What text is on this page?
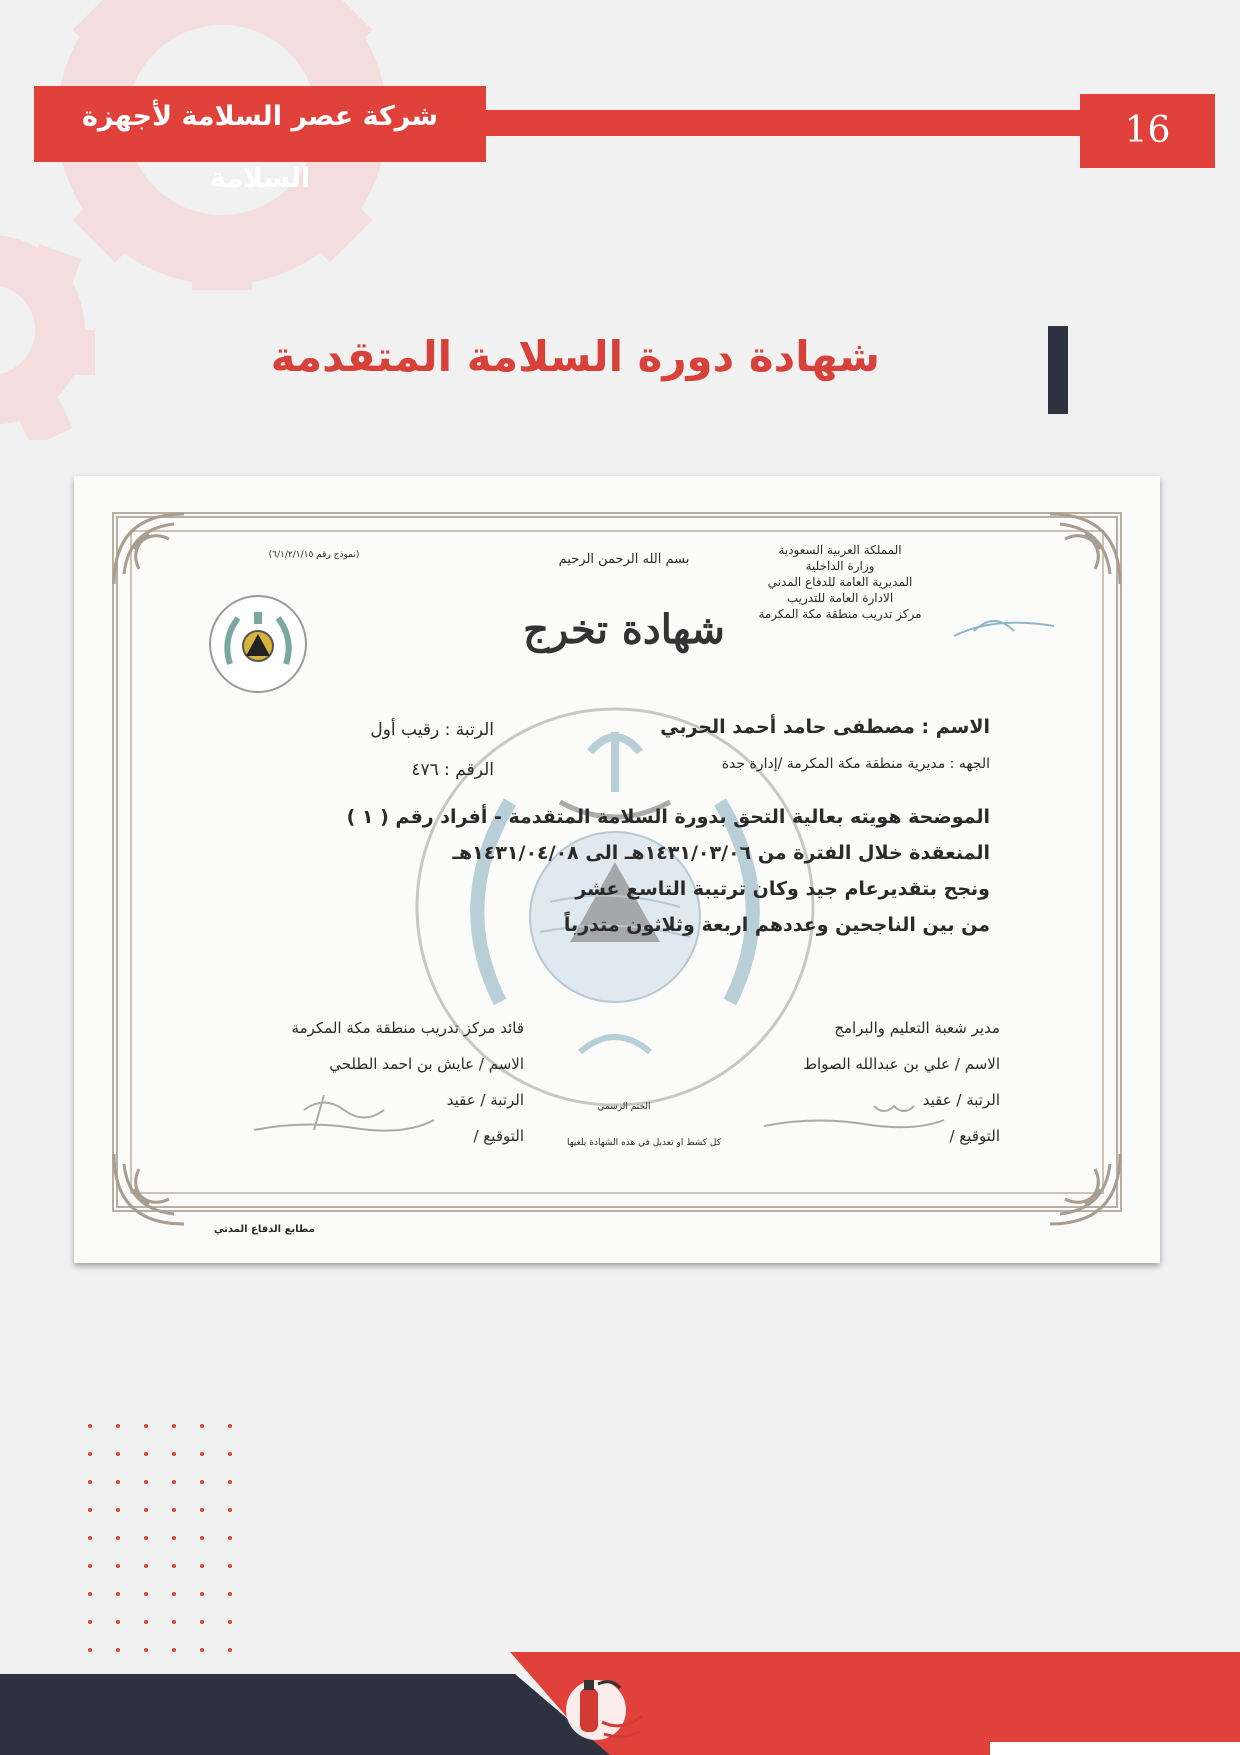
شركة عصر السلامة لأجهزة السلامة
16
شهادة دورة السلامة المتقدمة
المملكة العربية السعودية
وزارة الداخلية
المديرية العامة للدفاع المدني
الادارة العامة للتدريب
مركز تدريب منطقة مكة المكرمة
بسم الله الرحمن الرحيم
(نموذج رقم ٦/١/٢/١/١٥)
شهادة تخرج
الاسم : مصطفى حامد أحمد الحربي
الرتبة : رقيب أول
الجهه : مديرية منطقة مكة المكرمة /إدارة جدة
الرقم : ٤٧٦
الموضحة هويته بعالية التحق بدورة السلامة المتقدمة - أفراد رقم ( ١ )
المنعقدة خلال الفترة من ١٤٣١/٠٣/٠٦هـ الى ١٤٣١/٠٤/٠٨هـ
ونجح بتقديرعام جيد وكان ترتيبة التاسع عشر
من بين الناجحين وعددهم اربعة وثلاثون متدرباً
مدير شعبة التعليم والبرامج
الاسم / علي بن عبدالله الصواط
الرتبة / عقيد
التوقيع /
قائد مركز تدريب منطقة مكة المكرمة
الاسم / عايش بن احمد الطلحي
الرتبة / عقيد
التوقيع /
الختم الرسمي
كل كشط او تعديل في هذه الشهادة يلغيها
مطابع الدفاع المدني
